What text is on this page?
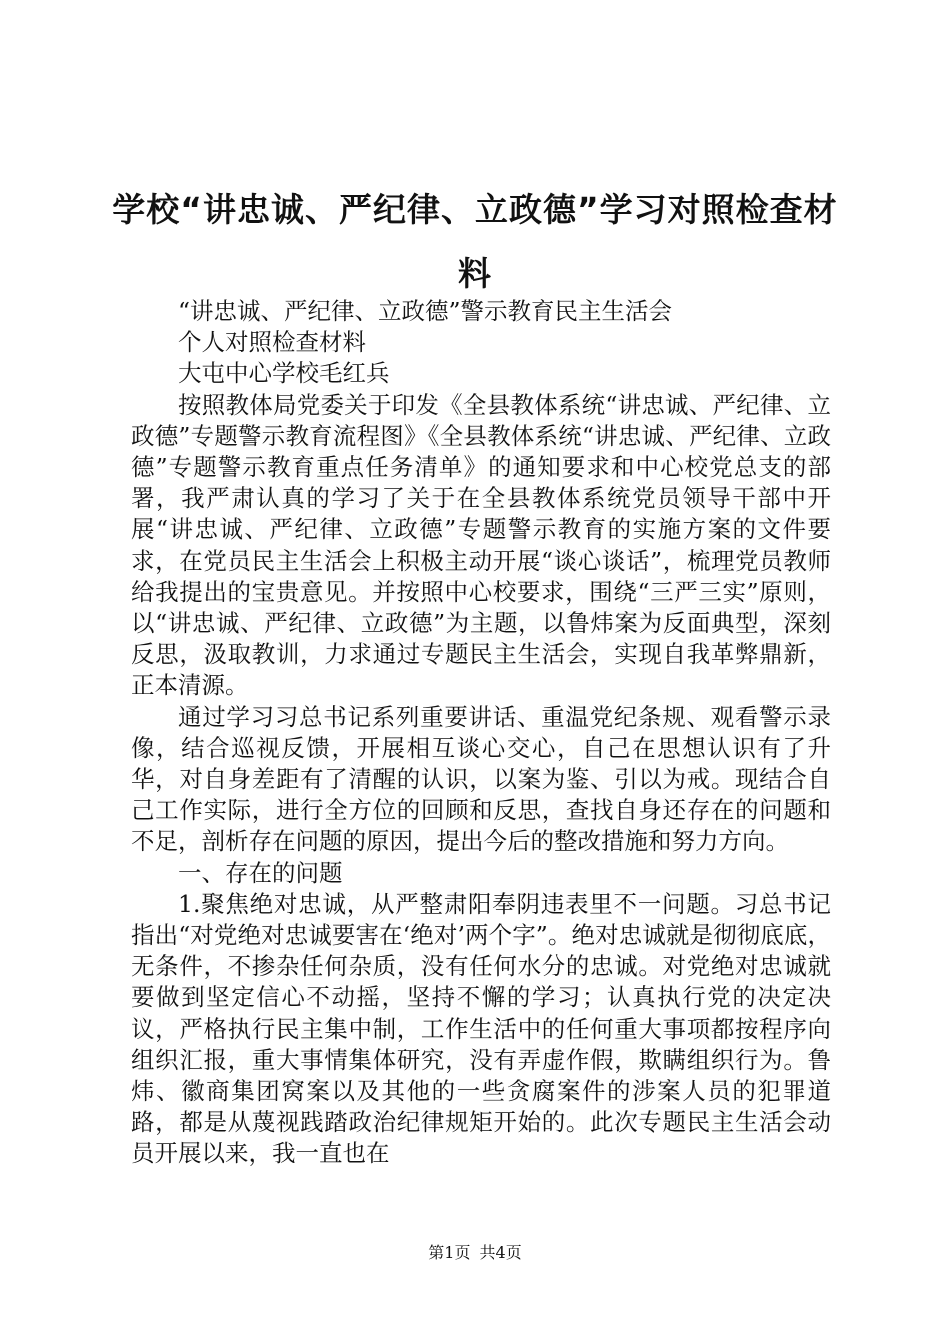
学校“讲忠诚、严纪律、立政德”学习对照检查材料

“讲忠诚、严纪律、立政德”警示教育民主生活会

个人对照检查材料

大屯中心学校毛红兵

按照教体局党委关于印发《全县教体系统“讲忠诚、严纪律、立政德”专题警示教育流程图》《全县教体系统“讲忠诚、严纪律、立政德”专题警示教育重点任务清单》的通知要求和中心校党总支的部署，我严肃认真的学习了关于在全县教体系统党员领导干部中开展“讲忠诚、严纪律、立政德”专题警示教育的实施方案的文件要求，在党员民主生活会上积极主动开展“谈心谈话”，梳理党员教师给我提出的宝贵意见。并按照中心校要求，围绕“三严三实”原则，以“讲忠诚、严纪律、立政德”为主题，以鲁炜案为反面典型，深刻反思，汲取教训，力求通过专题民主生活会，实现自我革弊鼎新，正本清源。

通过学习习总书记系列重要讲话、重温党纪条规、观看警示录像，结合巡视反馈，开展相互谈心交心，自己在思想认识有了升华，对自身差距有了清醒的认识，以案为鉴、引以为戒。现结合自己工作实际，进行全方位的回顾和反思，查找自身还存在的问题和不足，剖析存在问题的原因，提出今后的整改措施和努力方向。

一、存在的问题

1.聚焦绝对忠诚，从严整肃阳奉阴违表里不一问题。习总书记指出“对党绝对忠诚要害在‘绝对’两个字”。绝对忠诚就是彻彻底底，无条件，不掺杂任何杂质，没有任何水分的忠诚。对党绝对忠诚就要做到坚定信心不动摇，坚持不懈的学习；认真执行党的决定决议，严格执行民主集中制，工作生活中的任何重大事项都按程序向组织汇报，重大事情集体研究，没有弄虚作假，欺瞒组织行为。鲁炜、徽商集团窝案以及其他的一些贪腐案件的涉案人员的犯罪道路，都是从蔑视践踏政治纪律规矩开始的。此次专题民主生活会动员开展以来，我一直也在

第1页 共4页
